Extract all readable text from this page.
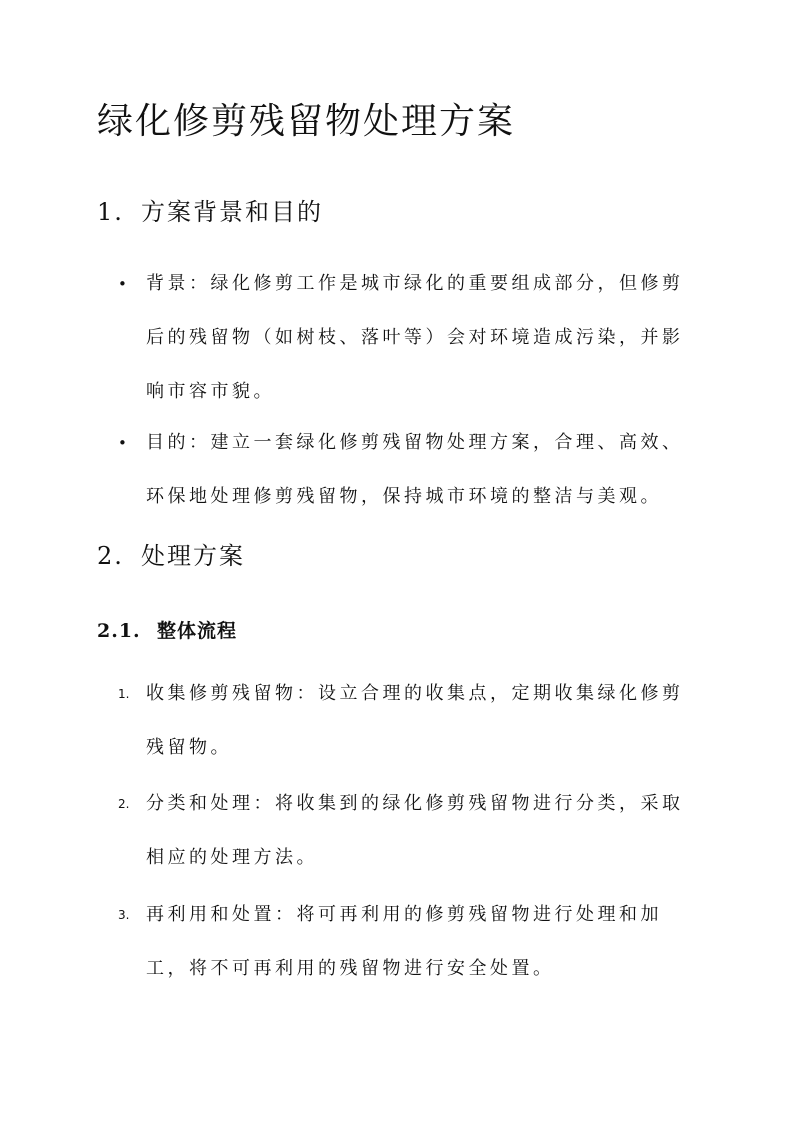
绿化修剪残留物处理方案
1. 方案背景和目的
•	背景：绿化修剪工作是城市绿化的重要组成部分，但修剪后的残留物（如树枝、落叶等）会对环境造成污染，并影响市容市貌。
•	目的：建立一套绿化修剪残留物处理方案，合理、高效、环保地处理修剪残留物，保持城市环境的整洁与美观。
2. 处理方案
2.1. 整体流程
1. 收集修剪残留物：设立合理的收集点，定期收集绿化修剪残留物。
2. 分类和处理：将收集到的绿化修剪残留物进行分类，采取相应的处理方法。
3. 再利用和处置：将可再利用的修剪残留物进行处理和加工，将不可再利用的残留物进行安全处置。
